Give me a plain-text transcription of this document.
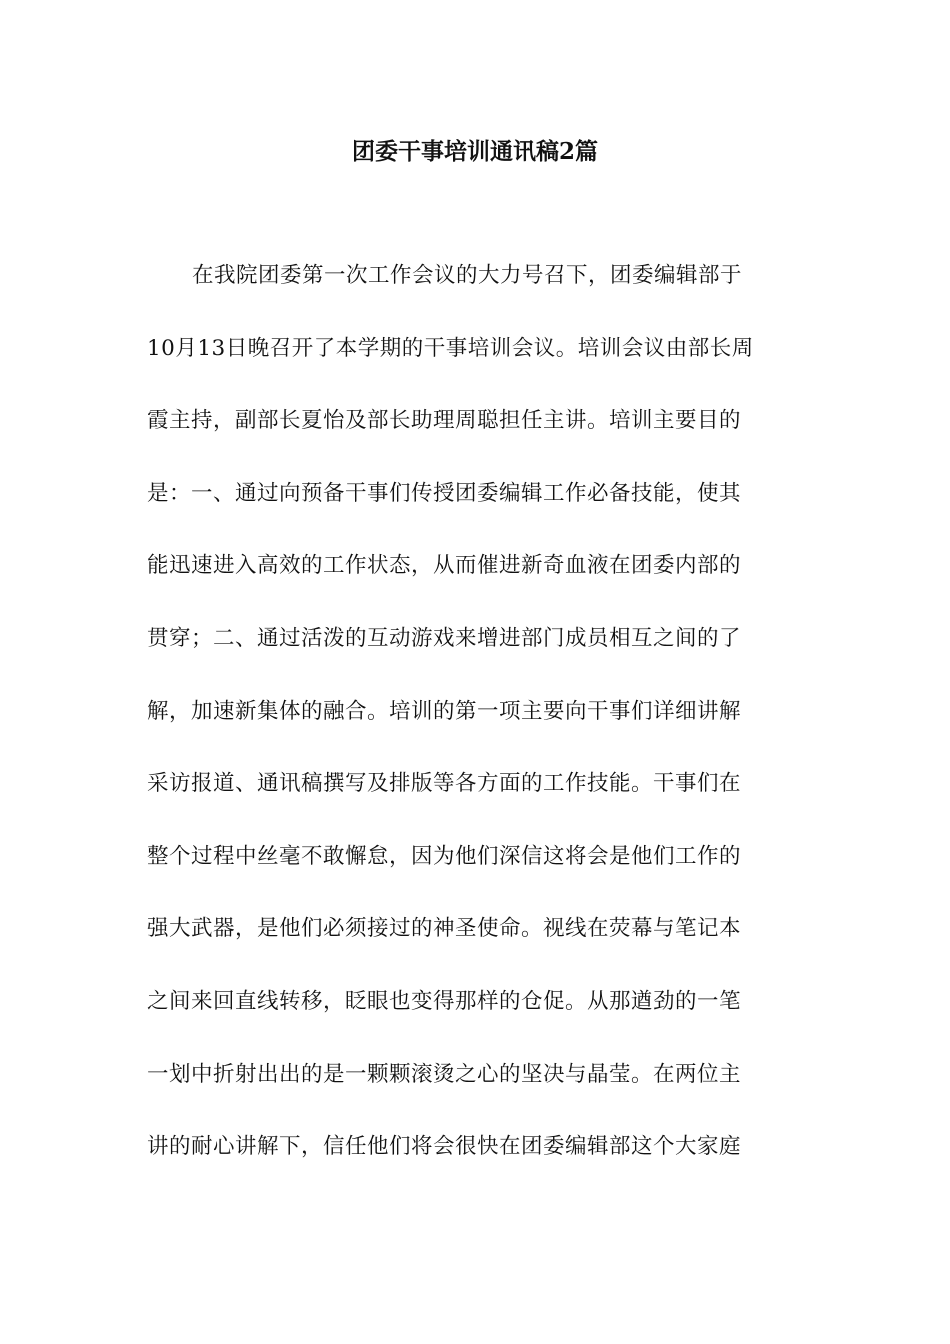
团委干事培训通讯稿2篇
在我院团委第一次工作会议的大力号召下，团委编辑部于
10月13日晚召开了本学期的干事培训会议。培训会议由部长周
霞主持，副部长夏怡及部长助理周聪担任主讲。培训主要目的
是：一、通过向预备干事们传授团委编辑工作必备技能，使其
能迅速进入高效的工作状态，从而催进新奇血液在团委内部的
贯穿；二、通过活泼的互动游戏来增进部门成员相互之间的了
解，加速新集体的融合。培训的第一项主要向干事们详细讲解
采访报道、通讯稿撰写及排版等各方面的工作技能。干事们在
整个过程中丝毫不敢懈怠，因为他们深信这将会是他们工作的
强大武器，是他们必须接过的神圣使命。视线在荧幕与笔记本
之间来回直线转移，眨眼也变得那样的仓促。从那遒劲的一笔
一划中折射出出的是一颗颗滚烫之心的坚决与晶莹。在两位主
讲的耐心讲解下，信任他们将会很快在团委编辑部这个大家庭
